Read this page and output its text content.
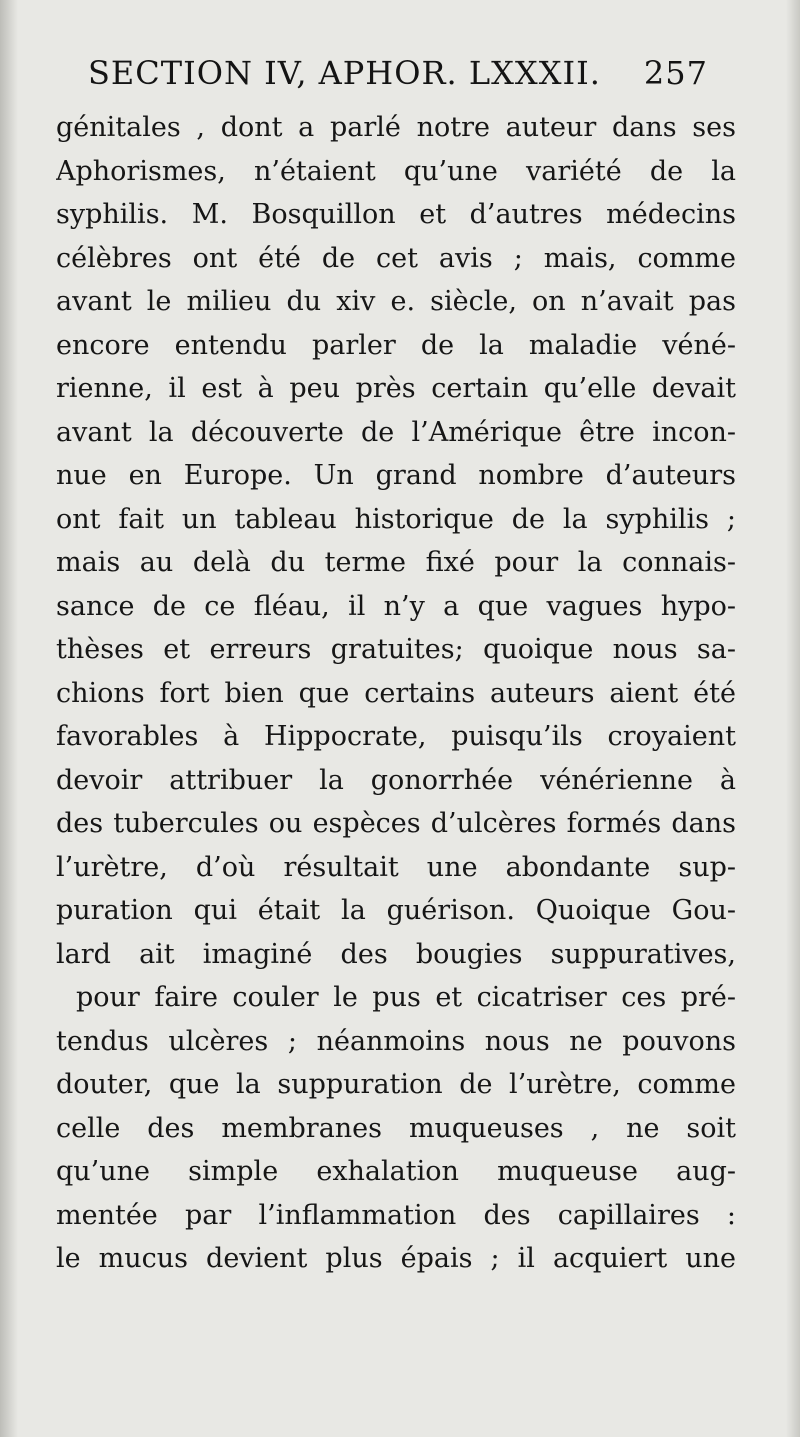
SECTION IV, APHOR. LXXXII. 257
génitales , dont a parlé notre auteur dans ses
Aphorismes, n’étaient qu’une variété de la
syphilis. M. Bosquillon et d’autres médecins
célèbres ont été de cet avis ; mais, comme
avant le milieu du xiv e. siècle, on n’avait pas
encore entendu parler de la maladie véné-
rienne, il est à peu près certain qu’elle devait
avant la découverte de l’Amérique être incon-
nue en Europe. Un grand nombre d’auteurs
ont fait un tableau historique de la syphilis ;
mais au delà du terme fixé pour la connais-
sance de ce fléau, il n’y a que vagues hypo-
thèses et erreurs gratuites; quoique nous sa-
chions fort bien que certains auteurs aient été
favorables à Hippocrate, puisqu’ils croyaient
devoir attribuer la gonorrhée vénérienne à
des tubercules ou espèces d’ulcères formés dans
l’urètre, d’où résultait une abondante sup-
puration qui était la guérison. Quoique Gou-
lard ait imaginé des bougies suppuratives,
pour faire couler le pus et cicatriser ces pré-
tendus ulcères ; néanmoins nous ne pouvons
douter, que la suppuration de l’urètre, comme
celle des membranes muqueuses , ne soit
qu’une simple exhalation muqueuse aug-
mentée par l’inflammation des capillaires :
le mucus devient plus épais ; il acquiert une
